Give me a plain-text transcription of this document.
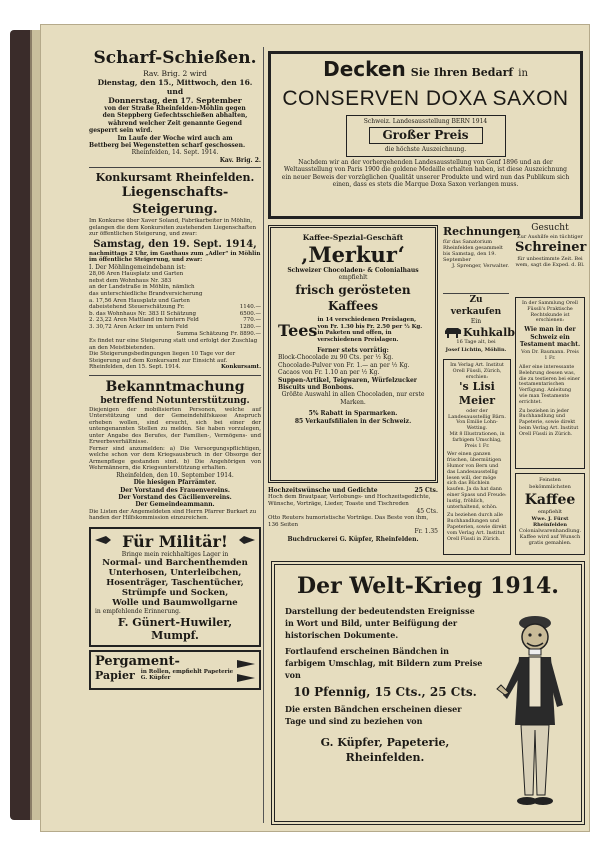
Scharf-Schießen.
Rav. Brig. 2 wird
Dienstag, den 15., Mittwoch, den 16. und
Donnerstag, den 17. September
von der Straße Rheinfelden-Möhlin gegen
den Steppberg Gefechtsschießen abhalten,
während welcher Zeit genannte Gegend
gesperrt sein wird.
Im Laufe der Woche wird auch am
Bettberg bei Wegenstetten scharf geschossen.
Rheinfelden, 14. Sept. 1914.
Kav. Brig. 2.
Konkursamt Rheinfelden.
Liegenschafts-Steigerung.
Im Konkurse über Xaver Soland, Fabrikarbeiter in Möhlin, gelangen die dem Konkursiten zustehenden Liegenschaften zur öffentlichen Steigerung, und zwar:
Samstag, den 19. Sept. 1914,
nachmittags 2 Uhr, im Gasthaus zum „Adler“ in Möhlin im öffentliche Steigerung, und zwar:
I. Der Möhlingemeindebann ist:
28,06 Aren Hausplatz und Garten
nebst dem Wohnhaus Nr. 383
an der Landstraße in Möhlin, nämlich
das unterschiedliche Brandversicherung
a. 17,56 Aren Hausplatz und Garten
dabeistehend Steuerschätzung Fr.	1140.—
b. das Wohnhaus Nr. 383 II Schätzung	6500.—
2. 23,22 Aren Mattland im hintern Feld	770.—
3. 30,72 Aren Acker im untern Feld	1280.—
Summa Schätzung Fr. 8890.—
Es findet nur eine Steigerung statt und erfolgt der Zuschlag an den Meistbietenden.
Die Steigerungsbedingungen liegen 10 Tage vor der Steigerung auf dem Konkursamt zur Einsicht auf.
Rheinfelden, den 15. Sept. 1914.	Konkursamt.
Bekanntmachung
betreffend Notunterstützung.
Diejenigen der mobilisierten Personen, welche auf Unterstützung und der Gemeindehilfskasse Anspruch erheben wollen, sind ersucht, sich bei einer der untengenannten Stellen zu melden. Sie haben vorzulegen, unter Angabe des Berufes, der Familien-, Vermögens- und Erwerbsverhältnisse.
Ferner sind anzumelden: a) Die Versorgungspflichtigen, welche schon vor dem Kriegsausbruch in der Obsorge der Armenpflege gestanden sind. b) Die Angehörigen von Wehrmännern, die Kriegsunterstützung erhalten.
Rheinfelden, den 10. September 1914.
Die hiesigen Pfarrämter.
Der Vorstand des Frauenvereins.
Der Vorstand des Cäcilienvereins.
Der Gemeindeammann.
Die Listen der Angemeldeten sind Herrn Pfarrer Burkart zu handen der Hilfskommission einzureichen.
Für Militär!
Bringe mein reichhaltiges Lager in
Normal- und Barchenthemden
Unterhosen, Unterleibchen,
Hosenträger, Taschentücher,
Strümpfe und Socken,
Wolle und Baumwollgarne
in empfehlende Erinnerung.
F. Günert-Huwiler,
Mumpf.
Pergament-
Papier in Rollen, empfiehlt Papeterie G. Küpfer
Decken Sie Ihren Bedarf in
CONSERVEN DOXA SAXON
Schweiz. Landesausstellung BERN 1914
Großer Preis
die höchste Auszeichnung.
Nachdem wir an der vorhergehenden Landesausstellung von Genf 1896 und an der Weltausstellung von Paris 1900 die goldene Medaille erhalten haben, ist diese Auszeichnung ein neuer Beweis der vorzüglichen Qualität unserer Produkte und wird nun das Publikum sich einen, dass es stets die Marque Doxa Saxon verlangen muss.
Kaffee-Spezial-Geschäft
‚Merkur‘
Schweizer Chocoladen- & Colonialhaus
empfiehlt
frisch gerösteten Kaffees
Tees
in 14 verschiedenen Preislagen, von Fr. 1.30 bis Fr. 2.50 per ½ Kg. in Paketen und offen, in verschiedenen Preislagen.
Ferner stets vorrätig:
Block-Chocolade zu 90 Cts. per ½ Kg.
Chocolade-Pulver von Fr. 1.— an per ½ Kg.
Cacaos von Fr. 1.10 an per ½ Kg.
Suppen-Artikel, Teigwaren, Würfelzucker
Biscuits und Bonbons.
Größte Auswahl in allen Chocoladen, nur erste Marken.
5% Rabatt in Sparmarken.
85 Verkaufsfilialen in der Schweiz.
Hochzeitswünsche und Gedichte	25 Cts.
Hoch dem Brautpaar, Verlobungs- und Hochzeitsgedichte, Wünsche, Vorträge, Lieder, Toaste und Tischreden
45 Cts.
Otto Reuters humoristische Vorträge. Das Beste von ihm, 136 Seiten
Fr. 1.35
Buchdruckerei G. Küpfer, Rheinfelden.
Rechnungen
für das Sanatorium Rheinfelden gesammelt bis Samstag, den 19. September
J. Sprenger, Verwalter.
Gesucht
Zur Aushilfe ein tüchtiger
Schreiner
für unbestimmte Zeit. Bei wem, sagt die Exped. d. Bl.
Zu verkaufen
Ein
Kuhkalb
16 Tage alt, bei
Josef Lichtin, Möhlin.
Im Verlag Art. Institut Orell Füssli, Zürich, erschien:
's Lisi Meier
oder der Landesausstellig Bärn.
Von Emilie Lohn-Wetting.
Mit 8 Illustrationen, in farbigem Umschlag, Preis 1 Fr.
Wer einen ganzen frischen, übermütigen Humor von Bern und das Landesausstellig lesen will, der möge sich das Büchlein kaufen. Ja da hat dann einer Spass und Freude: lustig, fröhlich, unterhaltend, schön.
Zu beziehen durch alle Buchhandlungen und Papeterien, sowie direkt vom Verlag Art. Institut Orell Füssli in Zürich.
In der Sammlung Orell Füssli's Praktische Rechtskunde ist erschienen:
Wie man in der Schweiz ein Testament macht.
Von Dr. Baumann. Preis 1 Fr.
Aller eine interessante Belehrung dessen was, die zu testieren bei einer testamentarischen Verfügung. Anleitung wie man Testamente errichtet.
Zu beziehen in jeder Buchhandlung und Papeterie, sowie direkt beim Verlag Art. Institut Orell Füssli in Zürich.
Feinsten bekömmlichsten
Kaffee
empfiehlt
Wwe. J. Fürst Rheinfelden
Colonialwarenhandlung. Kaffee wird auf Wunsch gratis gemahlen.
Der Welt-Krieg 1914.
Darstellung der bedeutendsten Ereignisse in Wort und Bild, unter Beifügung der historischen Dokumente.
Fortlaufend erscheinen Bändchen in farbigem Umschlag, mit Bildern zum Preise von
10 Pfennig, 15 Cts., 25 Cts.
Die ersten Bändchen erscheinen dieser Tage und sind zu beziehen von
G. Küpfer, Papeterie,
Rheinfelden.
